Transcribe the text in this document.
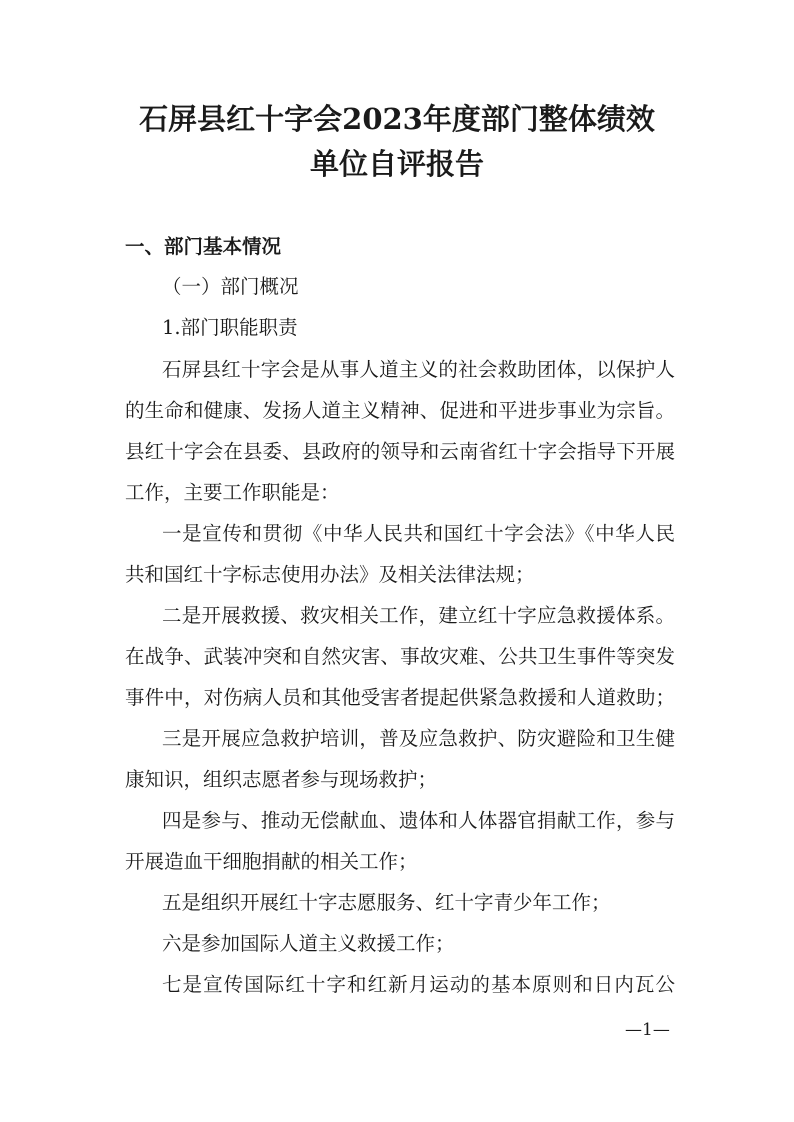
石屏县红十字会2023年度部门整体绩效
单位自评报告

一、部门基本情况

（一）部门概况

1.部门职能职责

石屏县红十字会是从事人道主义的社会救助团体，以保护人

的生命和健康、发扬人道主义精神、促进和平进步事业为宗旨。

县红十字会在县委、县政府的领导和云南省红十字会指导下开展

工作，主要工作职能是：

一是宣传和贯彻《中华人民共和国红十字会法》《中华人民

共和国红十字标志使用办法》及相关法律法规；

二是开展救援、救灾相关工作，建立红十字应急救援体系。

在战争、武装冲突和自然灾害、事故灾难、公共卫生事件等突发

事件中，对伤病人员和其他受害者提起供紧急救援和人道救助；

三是开展应急救护培训，普及应急救护、防灾避险和卫生健

康知识，组织志愿者参与现场救护；

四是参与、推动无偿献血、遗体和人体器官捐献工作，参与

开展造血干细胞捐献的相关工作；

五是组织开展红十字志愿服务、红十字青少年工作；

六是参加国际人道主义救援工作；

七是宣传国际红十字和红新月运动的基本原则和日内瓦公

—1—
